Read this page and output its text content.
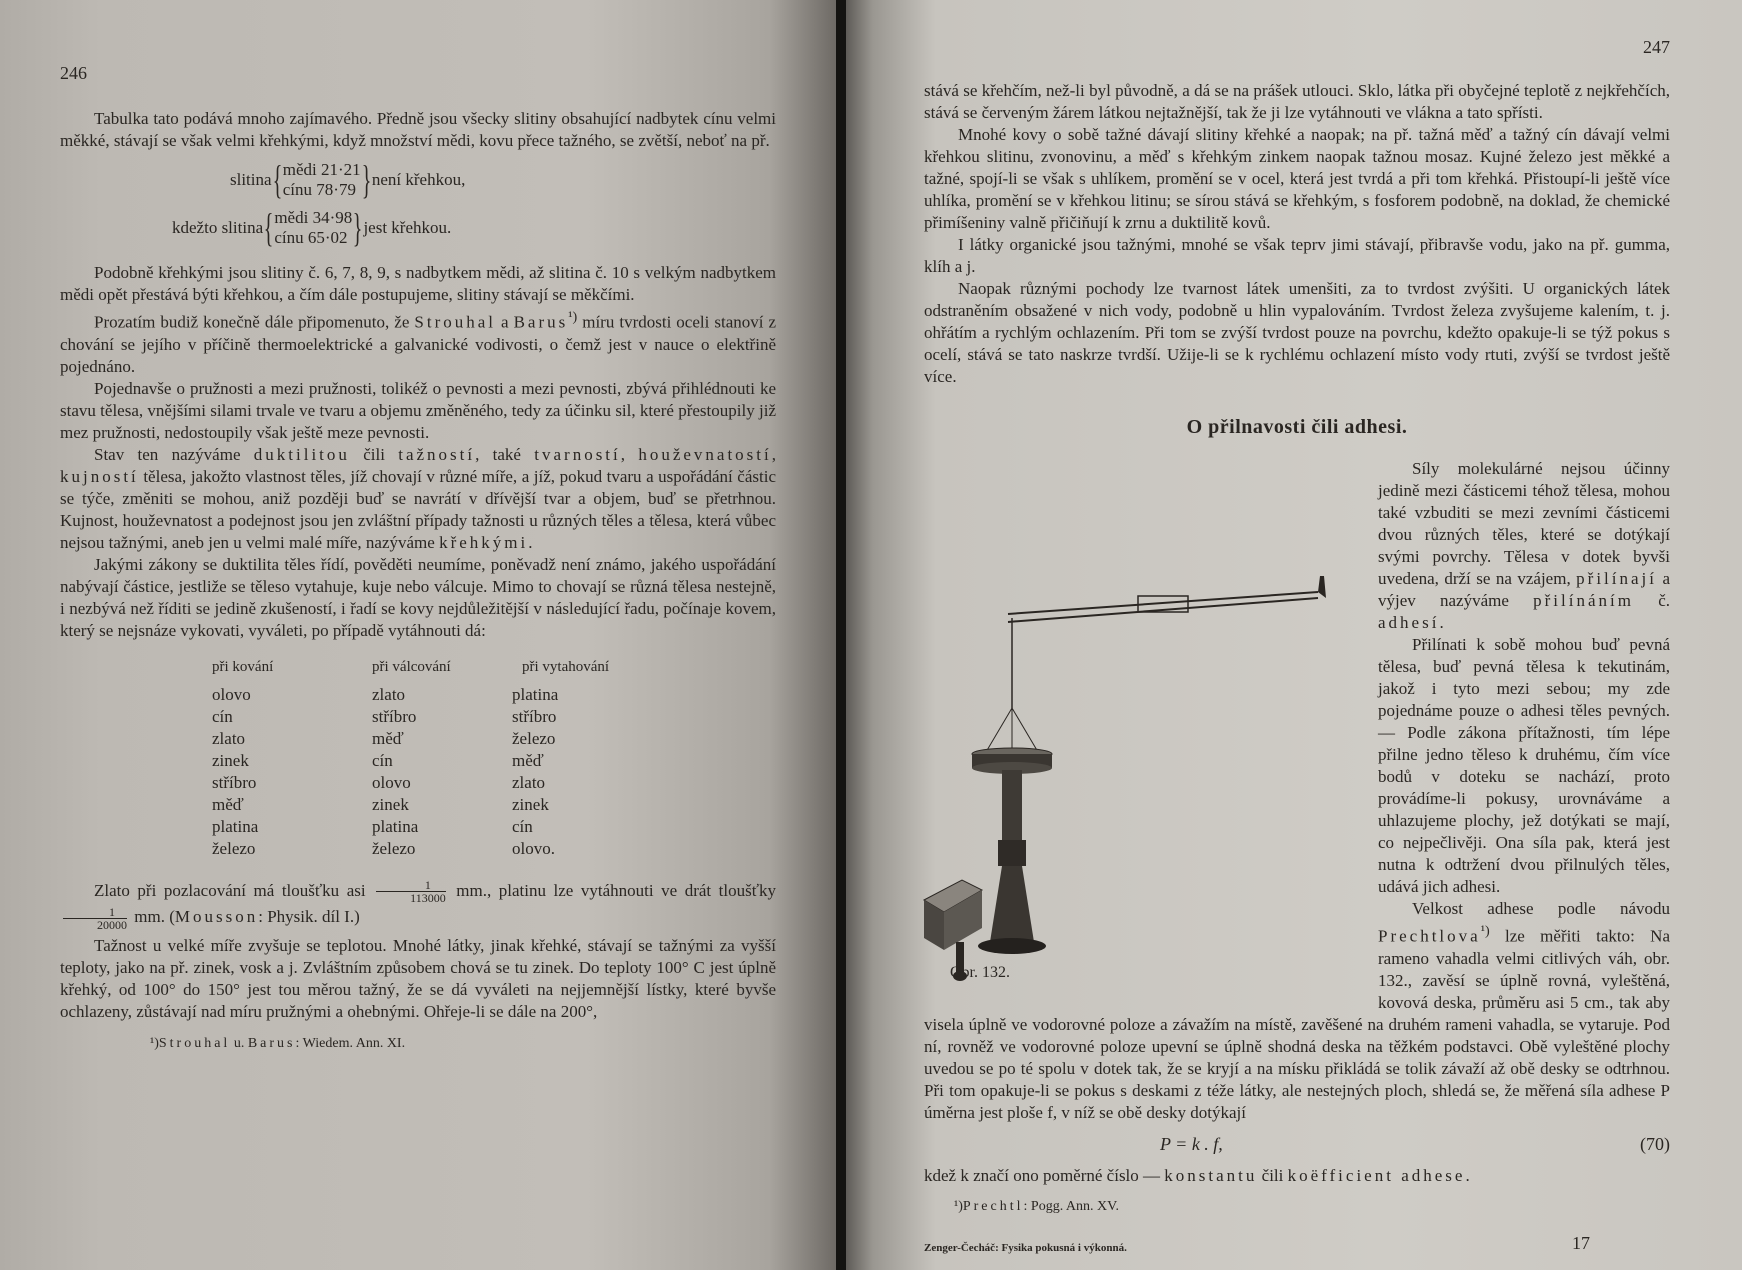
246

Tabulka tato podává mnoho zajímavého. Předně jsou všecky slitiny obsahující nadbytek cínu velmi měkké, stávají se však velmi křehkými, když množství mědi, kovu přece tažného, se zvětší, neboť na př.

slitina { mědi 21·21
cínu 78·79 } není křehkou,
kdežto slitina { mědi 34·98
cínu 65·02 } jest křehkou.

Podobně křehkými jsou slitiny č. 6, 7, 8, 9, s nadbytkem mědi, až slitina č. 10 s velkým nadbytkem mědi opět přestává býti křehkou, a čím dále postupujeme, slitiny stávají se měkčími.

Prozatím budiž konečně dále připomenuto, že Strouhal a Barus$^{^1)}$ míru tvrdosti oceli stanoví z chování se jejího v příčině thermoelektrické a galvanické vodivosti, o čemž jest v nauce o elektřině pojednáno.

Pojednavše o pružnosti a mezi pružnosti, tolikéž o pevnosti a mezi pevnosti, zbývá přihlédnouti ke stavu tělesa, vnějšími silami trvale ve tvaru a objemu změněného, tedy za účinku sil, které přestoupily již mez pružnosti, nedostoupily však ještě meze pevnosti.

Stav ten nazýváme duktilitou čili tažností, také tvarností, houževnatostí, kujností tělesa, jakožto vlastnost těles, jíž chovají v různé míře, a jíž, pokud tvaru a uspořádání částic se týče, změniti se mohou, aniž později buď se navrátí v dřívější tvar a objem, buď se přetrhnou. Kujnost, houževnatost a podejnost jsou jen zvláštní případy tažnosti u různých těles a tělesa, která vůbec nejsou tažnými, aneb jen u velmi malé míře, nazýváme křehkými.

Jakými zákony se duktilita těles řídí, pověděti neumíme, poněvadž není známo, jakého uspořádání nabývají částice, jestliže se těleso vytahuje, kuje nebo válcuje. Mimo to chovají se různá tělesa nestejně, i nezbývá než říditi se jedině zkušeností, i řadí se kovy nejdůležitější v následující řadu, počínaje kovem, který se nejsnáze vykovati, vyváleti, po případě vytáhnouti dá:

při kování
olovo
cín
zlato
zinek
stříbro
měď
platina
železo
při válcování
zlato
stříbro
měď
cín
olovo
zinek
platina
železo
při vytahování
platina
stříbro
železo
měď
zlato
zinek
cín
olovo.

Zlato při pozlacování má tloušťku asi $\frac{1}{113000}$ mm., platinu lze vytáhnouti ve drát tloušťky
$\frac{1}{20000}$ mm. (Mousson: Physik. díl I.)

Tažnost u velké míře zvyšuje se teplotou. Mnohé látky, jinak křehké, stávají se tažnými za vyšší teploty, jako na př. zinek, vosk a j. Zvláštním způsobem chová se tu zinek. Do teploty 100° C jest úplně křehký, od 100° do 150° jest tou měrou tažný, že se dá vyváleti na nejjemnější lístky, které byvše ochlazeny, zůstávají nad míru pružnými a ohebnými. Ohřeje-li se dále na 200°,

¹)Strouhal u. Barus: Wiedem. Ann. XI.
247

stává se křehčím, než-li byl původně, a dá se na prášek utlouci. Sklo, látka při obyčejné teplotě z nejkřehčích, stává se červeným žárem látkou nejtažnější, tak že ji lze vytáhnouti ve vlákna a tato spřísti.

Mnohé kovy o sobě tažné dávají slitiny křehké a naopak; na př. tažná měď a tažný cín dávají velmi křehkou slitinu, zvonovinu, a měď s křehkým zinkem naopak tažnou mosaz. Kujné železo jest měkké a tažné, spojí-li se však s uhlíkem, promění se v ocel, která jest tvrdá a při tom křehká. Přistoupí-li ještě více uhlíka, promění se v křehkou litinu; se sírou stává se křehkým, s fosforem podobně, na doklad, že chemické přimíšeniny valně přičiňují k zrnu a duktilitě kovů.

I látky organické jsou tažnými, mnohé se však teprv jimi stávají, přibravše vodu, jako na př. gumma, klíh a j.

Naopak různými pochody lze tvarnost látek umenšiti, za to tvrdost zvýšiti. U organických látek odstraněním obsažené v nich vody, podobně u hlin vypalováním. Tvrdost železa zvyšujeme kalením, t. j. ohřátím a rychlým ochlazením. Při tom se zvýší tvrdost pouze na povrchu, kdežto opakuje-li se týž pokus s ocelí, stává se tato naskrze tvrdší. Užije-li se k rychlému ochlazení místo vody rtuti, zvýší se tvrdost ještě více.

O přilnavosti čili adhesi.
Obr. 132.

Síly molekulárné nejsou účinny jedině mezi částicemi téhož tělesa, mohou také vzbuditi se mezi zevními částicemi dvou různých těles, které se dotýkají svými povrchy. Tělesa v dotek byvši uvedena, drží se na vzájem, přilínají a výjev nazýváme přilínáním č. adhesí.

Přilínati k sobě mohou buď pevná tělesa, buď pevná tělesa k tekutinám, jakož i tyto mezi sebou; my zde pojednáme pouze o adhesi těles pevných. — Podle zákona přítažnosti, tím lépe přilne jedno těleso k druhému, čím více bodů v doteku se nachází, proto provádíme-li pokusy, urovnáváme a uhlazujeme plochy, jež dotýkati se mají, co nejpečlivěji. Ona síla pak, která jest nutna k odtržení dvou přilnulých těles, udává jich adhesi.

Velkost adhese podle návodu Prechtlova$^{^1)}$ lze měřiti takto: Na rameno vahadla velmi citlivých váh, obr. 132., zavěsí se úplně rovná, vyleštěná, kovová deska, průměru asi 5 cm., tak aby visela úplně ve vodorovné poloze a závažím na místě, zavěšené na druhém rameni vahadla, se vytaruje. Pod ní, rovněž ve vodorovné poloze upevní se úplně shodná deska na těžkém podstavci. Obě vyleštěné plochy uvedou se po té spolu v dotek tak, že se kryjí a na mísku přikládá se tolik závaží až obě desky se odtrhnou. Při tom opakuje-li se pokus s deskami z téže látky, ale nestejných ploch, shledá se, že měřená síla adhese P úměrna jest ploše f, v níž se obě desky dotýkají

P = k . f,	(70)

kdež k značí ono poměrné číslo — konstantu čili koëfficient adhese.

¹)Prechtl: Pogg. Ann. XV.
Zenger-Čecháč: Fysika pokusná i výkonná.	17
